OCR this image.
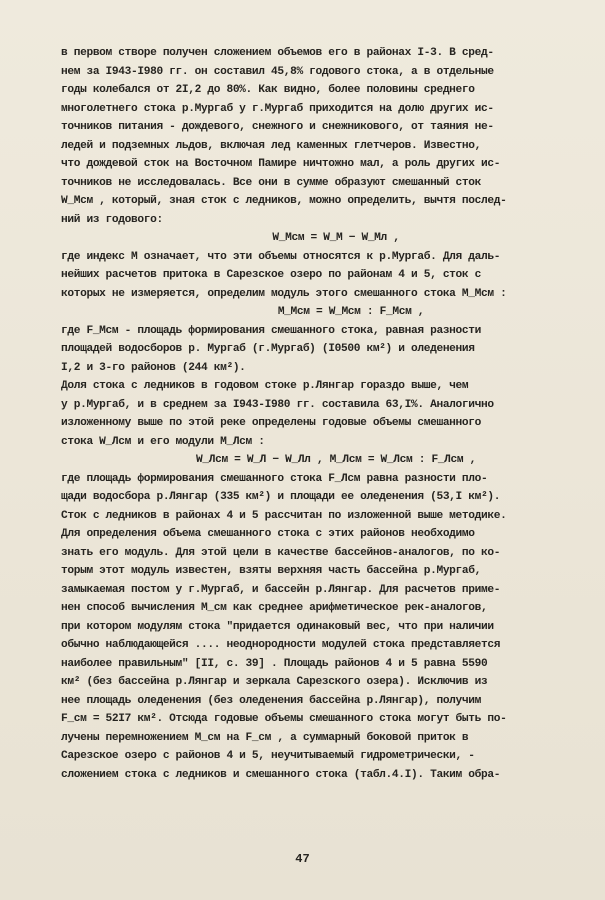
в первом створе получен сложением объемов его в районах I-3. В сред-
нем за I943-I980 гг. он составил 45,8% годового стока, а в отдельные
годы колебался от 2I,2 до 80%. Как видно, более половины среднего
многолетнего стока р.Мургаб у г.Мургаб приходится на долю других ис-
точников питания - дождевого, снежного и снежникового, от таяния не-
ледей и подземных льдов, включая лед каменных глетчеров. Известно,
что дождевой сток на Восточном Памире ничтожно мал, а роль других ис-
точников не исследовалась. Все они в сумме образуют смешанный сток
W_Mсм , который, зная сток с ледников, можно определить, вычтя послед-
ний из годового:
W_Mсм = W_M − W_Mл ,
где индекс M означает, что эти объемы относятся к р.Мургаб. Для даль-
нейших расчетов притока в Сарезское озеро по районам 4 и 5, сток с
которых не измеряется, определим модуль этого смешанного стока M_Mсм :
M_Mсм = W_Mсм : F_Mсм ,
где F_Mсм - площадь формирования смешанного стока, равная разности
площадей водосборов р. Мургаб (г.Мургаб) (I0500 км²) и оледенения
I,2 и 3-го районов (244 км²).
Доля стока с ледников в годовом стоке р.Лянгар гораздо выше, чем
у р.Мургаб, и в среднем за I943-I980 гг. составила 63,I%. Аналогично
изложенному выше по этой реке определены годовые объемы смешанного
стока W_Лсм и его модули M_Лсм :
W_Лсм = W_Л − W_Лл , M_Лсм = W_Лсм : F_Лсм ,
где площадь формирования смешанного стока F_Лсм равна разности пло-
щади водосбора р.Лянгар (335 км²) и площади ее оледенения (53,I км²).
Сток с ледников в районах 4 и 5 рассчитан по изложенной выше методике.
Для определения объема смешанного стока с этих районов необходимо
знать его модуль. Для этой цели в качестве бассейнов-аналогов, по ко-
торым этот модуль известен, взяты верхняя часть бассейна р.Мургаб,
замыкаемая постом у г.Мургаб, и бассейн р.Лянгар. Для расчетов приме-
нен способ вычисления M_см как среднее арифметическое рек-аналогов,
при котором модулям стока "придается одинаковый вес, что при наличии
обычно наблюдающейся .... неоднородности модулей стока представляется
наиболее правильным" [II, с. 39] . Площадь районов 4 и 5 равна 5590
км² (без бассейна р.Лянгар и зеркала Сарезского озера). Исключив из
нее площадь оледенения (без оледенения бассейна р.Лянгар), получим
F_см = 52I7 км². Отсюда годовые объемы смешанного стока могут быть по-
лучены перемножением M_см на F_см , а суммарный боковой приток в
Сарезское озеро с районов 4 и 5, неучитываемый гидрометрически, -
сложением стока с ледников и смешанного стока (табл.4.I). Таким обра-
47
